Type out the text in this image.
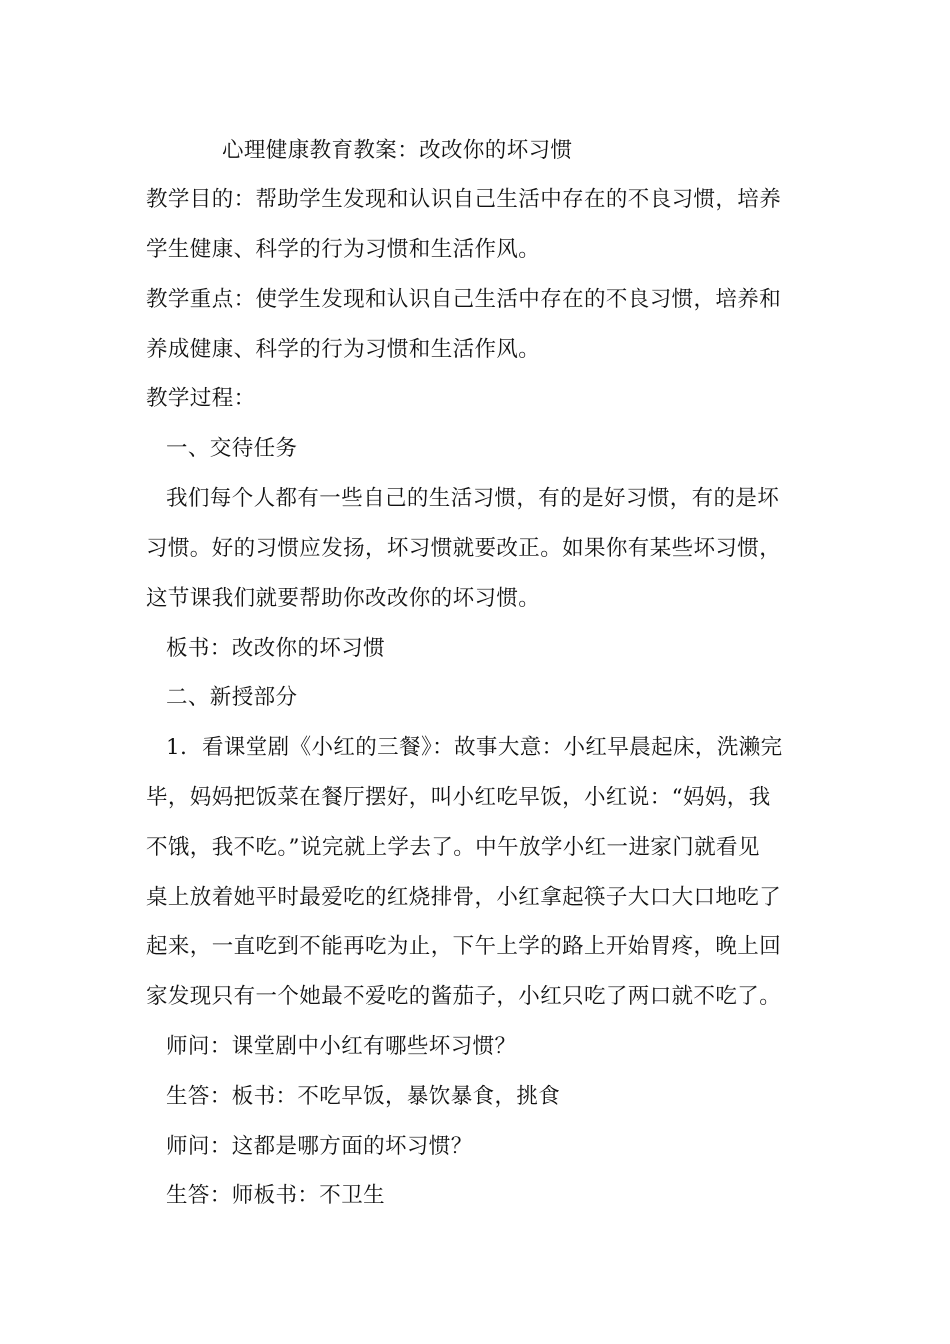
心理健康教育教案：改改你的坏习惯
教学目的：帮助学生发现和认识自己生活中存在的不良习惯，培养
学生健康、科学的行为习惯和生活作风。
教学重点：使学生发现和认识自己生活中存在的不良习惯，培养和
养成健康、科学的行为习惯和生活作风。
教学过程：
一、交待任务
我们每个人都有一些自己的生活习惯，有的是好习惯，有的是坏
习惯。好的习惯应发扬，坏习惯就要改正。如果你有某些坏习惯，
这节课我们就要帮助你改改你的坏习惯。
板书：改改你的坏习惯
二、新授部分
1．看课堂剧《小红的三餐》：故事大意：小红早晨起床，洗濑完
毕，妈妈把饭菜在餐厅摆好，叫小红吃早饭，小红说：“妈妈，我
不饿，我不吃。”说完就上学去了。中午放学小红一进家门就看见
桌上放着她平时最爱吃的红烧排骨，小红拿起筷子大口大口地吃了
起来，一直吃到不能再吃为止，下午上学的路上开始胃疼，晚上回
家发现只有一个她最不爱吃的酱茄子，小红只吃了两口就不吃了。
师问：课堂剧中小红有哪些坏习惯？
生答：板书：不吃早饭，暴饮暴食，挑食
师问：这都是哪方面的坏习惯？
生答：师板书：不卫生
